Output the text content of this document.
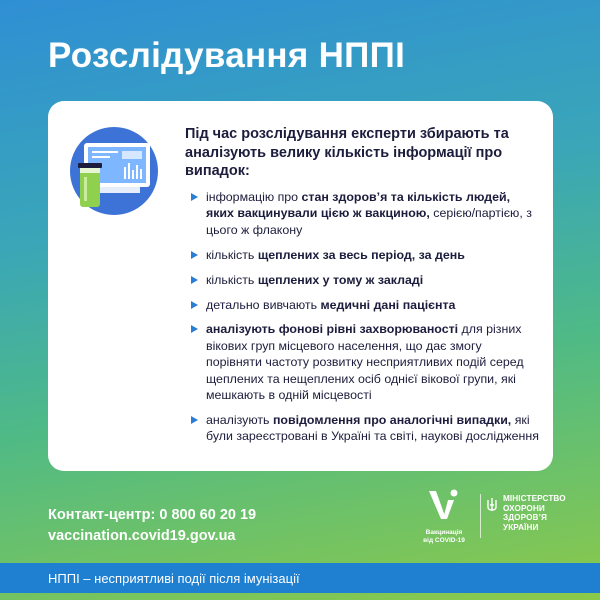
Розслідування НППІ
Під час розслідування експерти збирають та аналізують велику кількість інформації про випадок:
інформацію про стан здоров’я та кількість людей, яких вакцинували цією ж вакциною, серією/партією, з цього ж флакону
кількість щеплених за весь період, за день
кількість щеплених у тому ж закладі
детально вивчають медичні дані пацієнта
аналізують фонові рівні захворюваності для різних вікових груп місцевого населення, що дає змогу порівняти частоту розвитку несприятливих подій серед щеплених та нещеплених осіб однієї вікової групи, які мешкають в одній місцевості
аналізують повідомлення про аналогічні випадки, які були зареєстровані в Україні та світі, наукові дослідження
Контакт-центр: 0 800 60 20 19
vaccination.covid19.gov.ua	Вакцинація
від COVID-19
МІНІСТЕРСТВО
ОХОРОНИ
ЗДОРОВ’Я
УКРАЇНИ
НППІ – несприятливі події після імунізації
